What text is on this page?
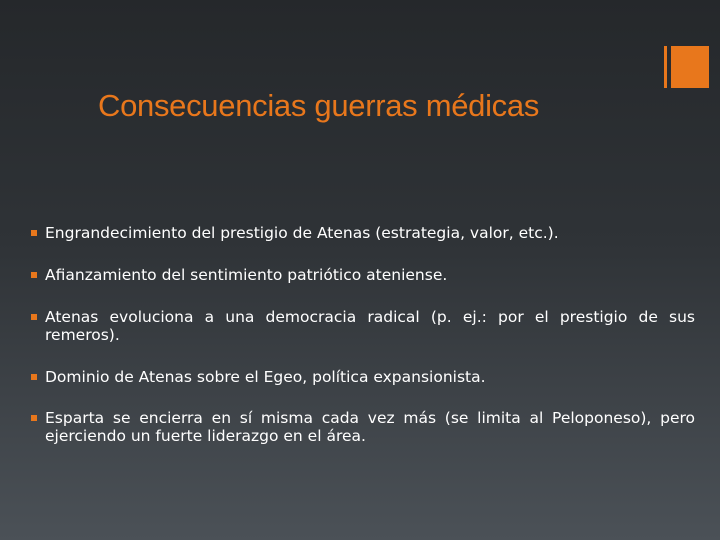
Consecuencias guerras médicas
Engrandecimiento del prestigio de Atenas (estrategia, valor, etc.).
Afianzamiento del sentimiento patriótico ateniense.
Atenas evoluciona a una democracia radical (p. ej.: por el prestigio de sus remeros).
Dominio de Atenas sobre el Egeo, política expansionista.
Esparta se encierra en sí misma cada vez más (se limita al Peloponeso), pero ejerciendo un fuerte liderazgo en el área.
